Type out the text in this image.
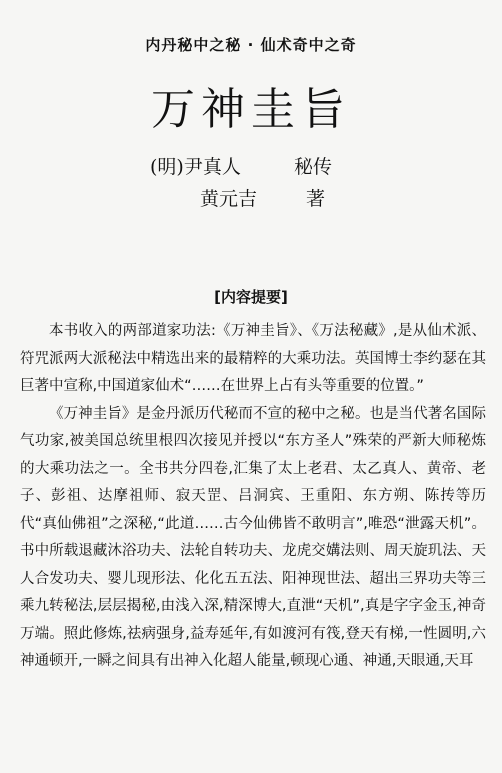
内丹秘中之秘 · 仙术奇中之奇
万神圭旨
(明)尹真人	秘传
黄元吉	著
[内容提要]

本书收入的两部道家功法:《万神圭旨》、《万法秘藏》,是从仙术派、符咒派两大派秘法中精选出来的最精粹的大乘功法。英国博士李约瑟在其巨著中宣称,中国道家仙术“……在世界上占有头等重要的位置。”

《万神圭旨》是金丹派历代秘而不宣的秘中之秘。也是当代著名国际气功家,被美国总统里根四次接见并授以“东方圣人”殊荣的严新大师秘炼的大乘功法之一。全书共分四卷,汇集了太上老君、太乙真人、黄帝、老子、彭祖、达摩祖师、寂天罡、吕洞宾、王重阳、东方朔、陈抟等历代“真仙佛祖”之深秘,“此道……古今仙佛皆不敢明言”,唯恐“泄露天机”。书中所载退藏沐浴功夫、法轮自转功夫、龙虎交媾法则、周天旋玑法、天人合发功夫、婴儿现形法、化化五五法、阳神现世法、超出三界功夫等三乘九转秘法,层层揭秘,由浅入深,精深博大,直泄“天机”,真是字字金玉,神奇万端。照此修炼,祛病强身,益寿延年,有如渡河有筏,登天有梯,一性圆明,六神通顿开,一瞬之间具有出神入化超人能量,顿现心通、神通,天眼通,天耳
